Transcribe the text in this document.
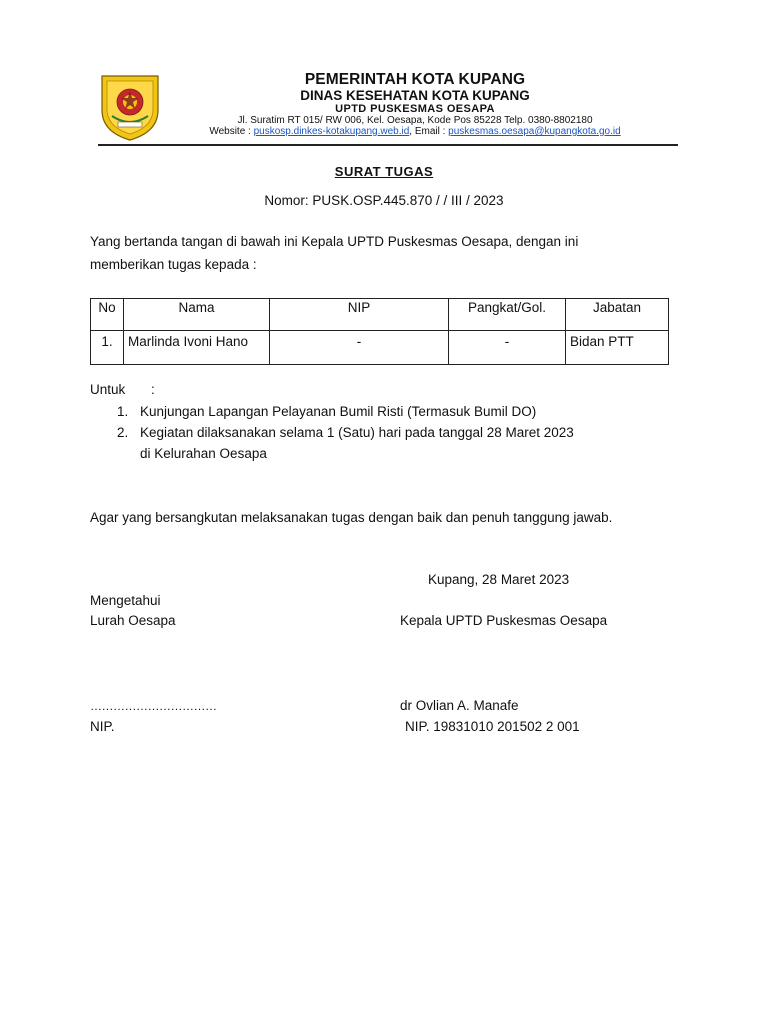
PEMERINTAH KOTA KUPANG
DINAS KESEHATAN KOTA KUPANG
UPTD PUSKESMAS OESAPA
Jl. Suratim RT 015/ RW 006, Kel. Oesapa, Kode Pos 85228 Telp. 0380-8802180
Website : puskosp.dinkes-kotakupang.web.id, Email : puskesmas.oesapa@kupangkota.go.id
SURAT TUGAS
Nomor: PUSK.OSP.445.870 / / III / 2023
Yang bertanda tangan di bawah ini Kepala UPTD Puskesmas Oesapa, dengan ini
memberikan tugas kepada :
No	Nama	NIP	Pangkat/Gol.	Jabatan
1.	Marlinda Ivoni Hano	-	-	Bidan PTT
Untuk :
1. Kunjungan Lapangan Pelayanan Bumil Risti (Termasuk Bumil DO)
2. Kegiatan dilaksanakan selama 1 (Satu) hari pada tanggal 28 Maret 2023
di Kelurahan Oesapa
Agar yang bersangkutan melaksanakan tugas dengan baik dan penuh tanggung jawab.
Kupang, 28 Maret 2023
Mengetahui
Lurah Oesapa	Kepala UPTD Puskesmas Oesapa
……………………………	dr Ovlian A. Manafe
NIP.	NIP. 19831010 201502 2 001
